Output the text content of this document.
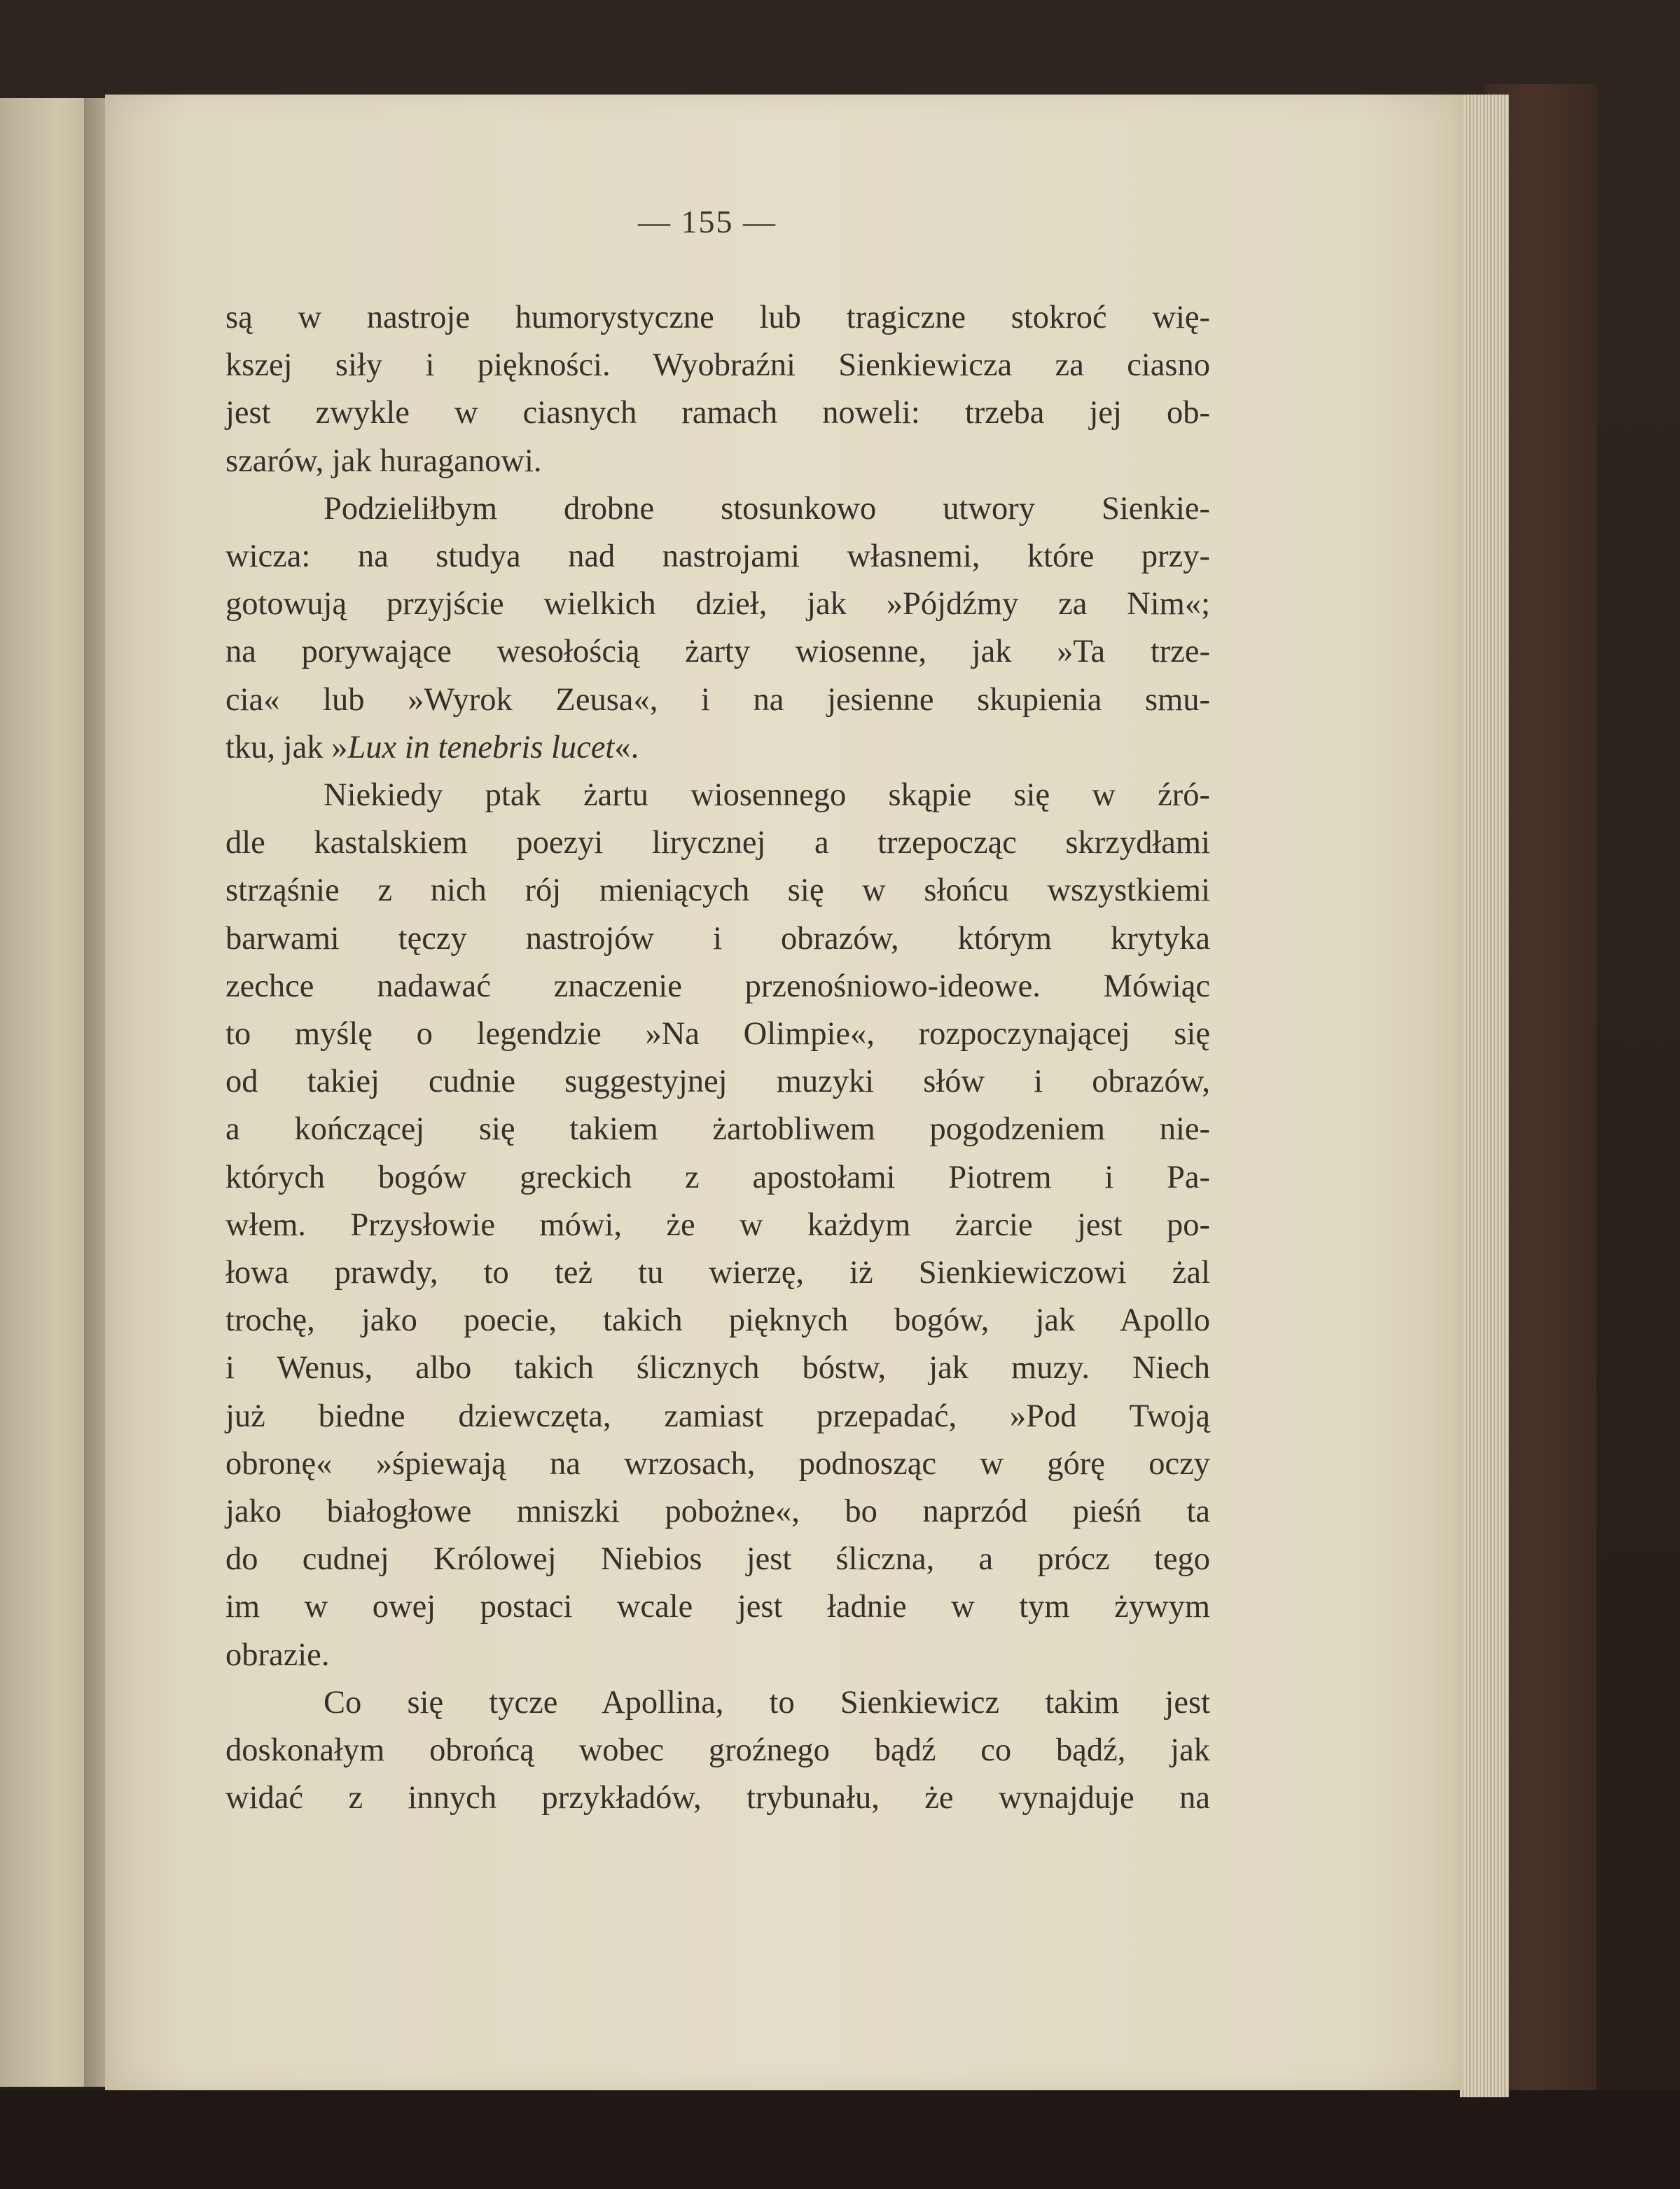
— 155 —
są w nastroje humorystyczne lub tragiczne stokroć wię-
kszej siły i piękności. Wyobraźni Sienkiewicza za ciasno
jest zwykle w ciasnych ramach noweli: trzeba jej ob-
szarów, jak huraganowi.
Podzieliłbym drobne stosunkowo utwory Sienkie-
wicza: na studya nad nastrojami własnemi, które przy-
gotowują przyjście wielkich dzieł, jak »Pójdźmy za Nim«;
na porywające wesołością żarty wiosenne, jak »Ta trze-
cia« lub »Wyrok Zeusa«, i na jesienne skupienia smu-
tku, jak »Lux in tenebris lucet«.
Niekiedy ptak żartu wiosennego skąpie się w źró-
dle kastalskiem poezyi lirycznej a trzepocząc skrzydłami
strząśnie z nich rój mieniących się w słońcu wszystkiemi
barwami tęczy nastrojów i obrazów, którym krytyka
zechce nadawać znaczenie przenośniowo-ideowe. Mówiąc
to myślę o legendzie »Na Olimpie«, rozpoczynającej się
od takiej cudnie suggestyjnej muzyki słów i obrazów,
a kończącej się takiem żartobliwem pogodzeniem nie-
których bogów greckich z apostołami Piotrem i Pa-
włem. Przysłowie mówi, że w każdym żarcie jest po-
łowa prawdy, to też tu wierzę, iż Sienkiewiczowi żal
trochę, jako poecie, takich pięknych bogów, jak Apollo
i Wenus, albo takich ślicznych bóstw, jak muzy. Niech
już biedne dziewczęta, zamiast przepadać, »Pod Twoją
obronę« »śpiewają na wrzosach, podnosząc w górę oczy
jako białogłowe mniszki pobożne«, bo naprzód pieśń ta
do cudnej Królowej Niebios jest śliczna, a prócz tego
im w owej postaci wcale jest ładnie w tym żywym
obrazie.
Co się tycze Apollina, to Sienkiewicz takim jest
doskonałym obrońcą wobec groźnego bądź co bądź, jak
widać z innych przykładów, trybunału, że wynajduje na
